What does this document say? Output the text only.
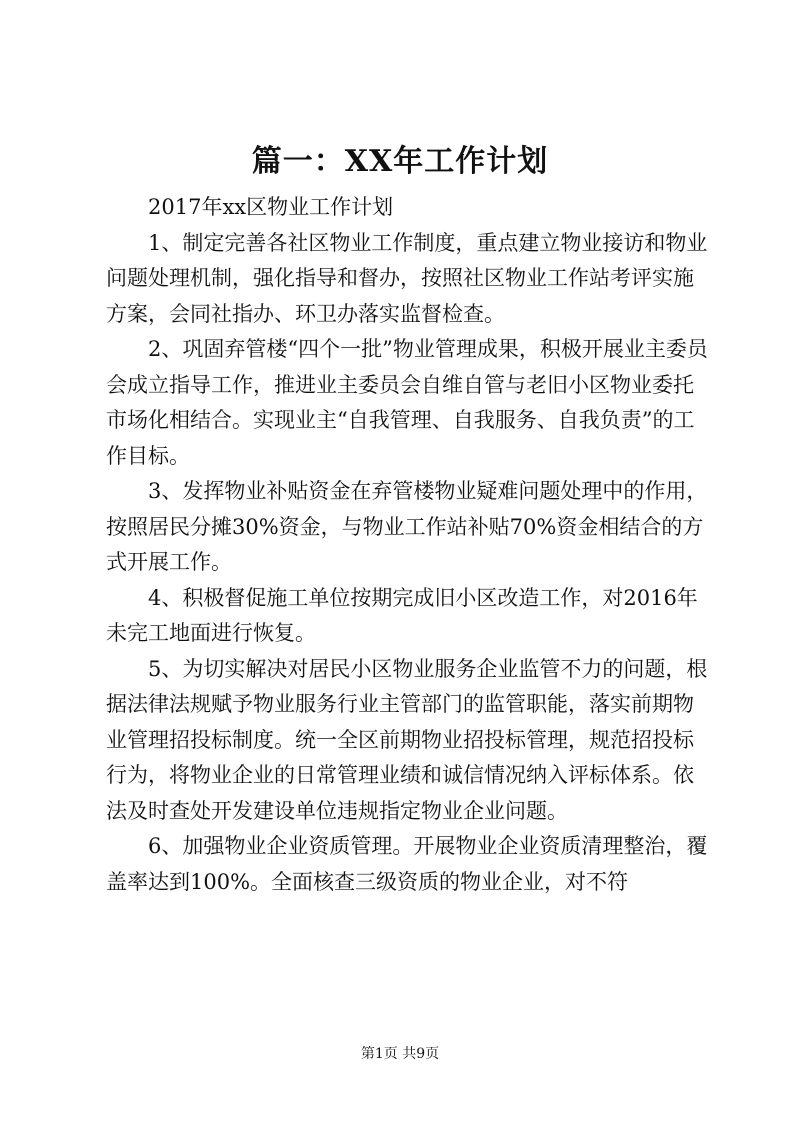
篇一：XX年工作计划

2017年xx区物业工作计划

1、制定完善各社区物业工作制度，重点建立物业接访和物业问题处理机制，强化指导和督办，按照社区物业工作站考评实施方案，会同社指办、环卫办落实监督检查。

2、巩固弃管楼“四个一批”物业管理成果，积极开展业主委员会成立指导工作，推进业主委员会自维自管与老旧小区物业委托市场化相结合。实现业主“自我管理、自我服务、自我负责”的工作目标。

3、发挥物业补贴资金在弃管楼物业疑难问题处理中的作用，按照居民分摊30%资金，与物业工作站补贴70%资金相结合的方式开展工作。

4、积极督促施工单位按期完成旧小区改造工作，对2016年未完工地面进行恢复。

5、为切实解决对居民小区物业服务企业监管不力的问题，根据法律法规赋予物业服务行业主管部门的监管职能，落实前期物业管理招投标制度。统一全区前期物业招投标管理，规范招投标行为，将物业企业的日常管理业绩和诚信情况纳入评标体系。依法及时查处开发建设单位违规指定物业企业问题。

6、加强物业企业资质管理。开展物业企业资质清理整治，覆盖率达到100%。全面核查三级资质的物业企业，对不符

第1页 共9页
